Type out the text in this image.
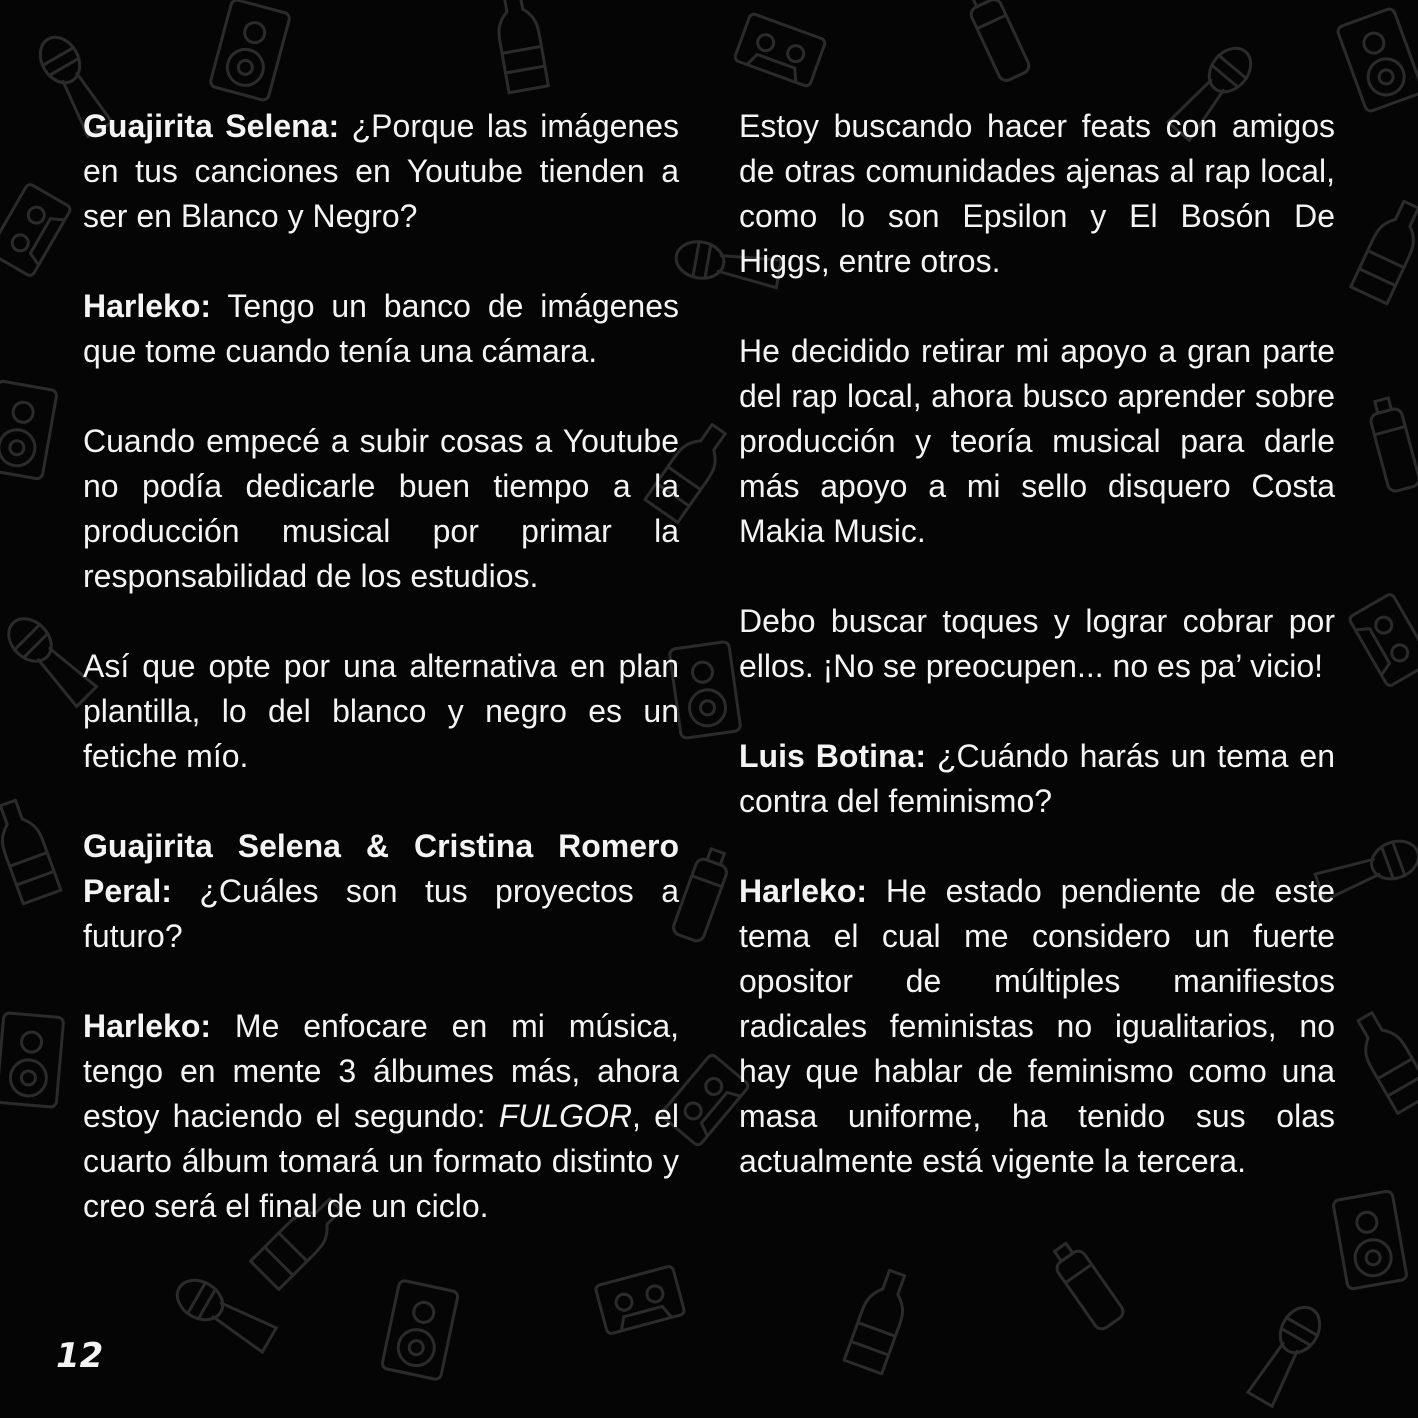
Guajirita Selena: ¿Porque las imágenes en tus canciones en Youtube tienden a ser en Blanco y Negro?

Harleko: Tengo un banco de imágenes que tome cuando tenía una cámara.

Cuando empecé a subir cosas a Youtube no podía dedicarle buen tiempo a la producción musical por primar la responsabilidad de los estudios.

Así que opte por una alternativa en plan plantilla, lo del blanco y negro es un fetiche mío.

Guajirita Selena & Cristina Romero Peral: ¿Cuáles son tus proyectos a futuro?

Harleko: Me enfocare en mi música, tengo en mente 3 álbumes más, ahora estoy haciendo el segundo: FULGOR, el cuarto álbum tomará un formato distinto y creo será el final de un ciclo.

Estoy buscando hacer feats con amigos de otras comunidades ajenas al rap local, como lo son Epsilon y El Bosón De Higgs, entre otros.

He decidido retirar mi apoyo a gran parte del rap local, ahora busco aprender sobre producción y teoría musical para darle más apoyo a mi sello disquero Costa Makia Music.

Debo buscar toques y lograr cobrar por ellos. ¡No se preocupen... no es pa’ vicio!

Luis Botina: ¿Cuándo harás un tema en contra del feminismo?

Harleko: He estado pendiente de este tema el cual me considero un fuerte opositor de múltiples manifiestos radicales feministas no igualitarios, no hay que hablar de feminismo como una masa uniforme, ha tenido sus olas actualmente está vigente la tercera.

12
